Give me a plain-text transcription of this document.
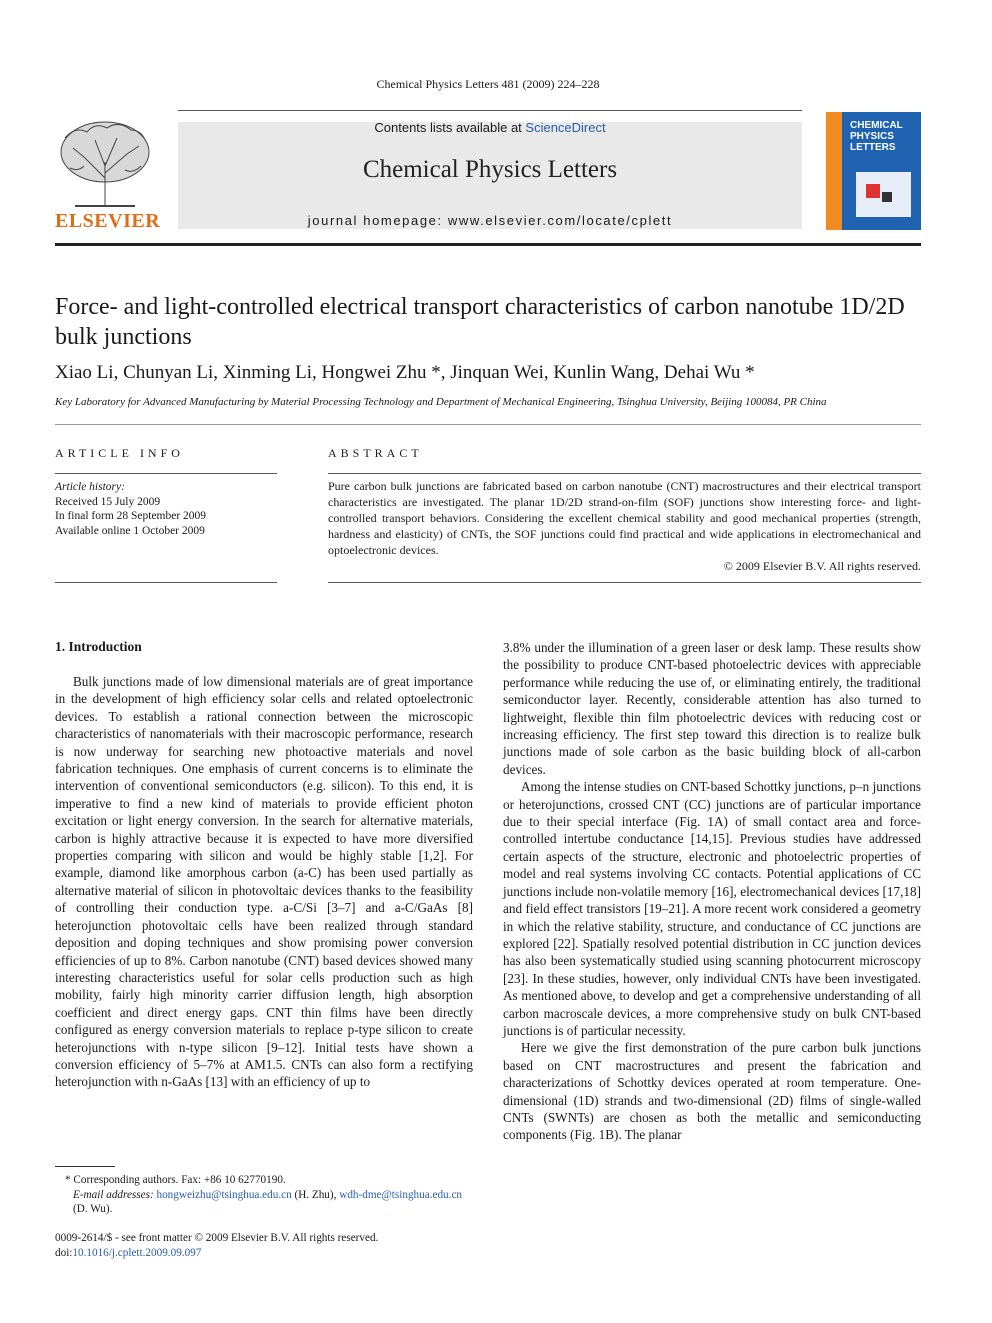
Chemical Physics Letters 481 (2009) 224–228
Contents lists available at ScienceDirect
Chemical Physics Letters
journal homepage: www.elsevier.com/locate/cplett
ELSEVIER
CHEMICAL
PHYSICS
LETTERS
Force- and light-controlled electrical transport characteristics of carbon nanotube 1D/2D bulk junctions
Xiao Li, Chunyan Li, Xinming Li, Hongwei Zhu *, Jinquan Wei, Kunlin Wang, Dehai Wu *
Key Laboratory for Advanced Manufacturing by Material Processing Technology and Department of Mechanical Engineering, Tsinghua University, Beijing 100084, PR China
ARTICLE INFO
Article history:
Received 15 July 2009
In final form 28 September 2009
Available online 1 October 2009
ABSTRACT
Pure carbon bulk junctions are fabricated based on carbon nanotube (CNT) macrostructures and their electrical transport characteristics are investigated. The planar 1D/2D strand-on-film (SOF) junctions show interesting force- and light-controlled transport behaviors. Considering the excellent chemical stability and good mechanical properties (strength, hardness and elasticity) of CNTs, the SOF junctions could find practical and wide applications in electromechanical and optoelectronic devices.
© 2009 Elsevier B.V. All rights reserved.
1. Introduction

Bulk junctions made of low dimensional materials are of great importance in the development of high efficiency solar cells and related optoelectronic devices. To establish a rational connection between the microscopic characteristics of nanomaterials with their macroscopic performance, research is now underway for searching new photoactive materials and novel fabrication techniques. One emphasis of current concerns is to eliminate the intervention of conventional semiconductors (e.g. silicon). To this end, it is imperative to find a new kind of materials to provide efficient photon excitation or light energy conversion. In the search for alternative materials, carbon is highly attractive because it is expected to have more diversified properties comparing with silicon and would be highly stable [1,2]. For example, diamond like amorphous carbon (a-C) has been used partially as alternative material of silicon in photovoltaic devices thanks to the feasibility of controlling their conduction type. a-C/Si [3–7] and a-C/GaAs [8] heterojunction photovoltaic cells have been realized through standard deposition and doping techniques and show promising power conversion efficiencies of up to 8%. Carbon nanotube (CNT) based devices showed many interesting characteristics useful for solar cells production such as high mobility, fairly high minority carrier diffusion length, high absorption coefficient and direct energy gaps. CNT thin films have been directly configured as energy conversion materials to replace p-type silicon to create heterojunctions with n-type silicon [9–12]. Initial tests have shown a conversion efficiency of 5–7% at AM1.5. CNTs can also form a rectifying heterojunction with n-GaAs [13] with an efficiency of up to

3.8% under the illumination of a green laser or desk lamp. These results show the possibility to produce CNT-based photoelectric devices with appreciable performance while reducing the use of, or eliminating entirely, the traditional semiconductor layer. Recently, considerable attention has also turned to lightweight, flexible thin film photoelectric devices with reducing cost or increasing efficiency. The first step toward this direction is to realize bulk junctions made of sole carbon as the basic building block of all-carbon devices.

Among the intense studies on CNT-based Schottky junctions, p–n junctions or heterojunctions, crossed CNT (CC) junctions are of particular importance due to their special interface (Fig. 1A) of small contact area and force-controlled intertube conductance [14,15]. Previous studies have addressed certain aspects of the structure, electronic and photoelectric properties of model and real systems involving CC contacts. Potential applications of CC junctions include non-volatile memory [16], electromechanical devices [17,18] and field effect transistors [19–21]. A more recent work considered a geometry in which the relative stability, structure, and conductance of CC junctions are explored [22]. Spatially resolved potential distribution in CC junction devices has also been systematically studied using scanning photocurrent microscopy [23]. In these studies, however, only individual CNTs have been investigated. As mentioned above, to develop and get a comprehensive understanding of all carbon macroscale devices, a more comprehensive study on bulk CNT-based junctions is of particular necessity.

Here we give the first demonstration of the pure carbon bulk junctions based on CNT macrostructures and present the fabrication and characterizations of Schottky devices operated at room temperature. One-dimensional (1D) strands and two-dimensional (2D) films of single-walled CNTs (SWNTs) are chosen as both the metallic and semiconducting components (Fig. 1B). The planar

* Corresponding authors. Fax: +86 10 62770190.
E-mail addresses: hongweizhu@tsinghua.edu.cn (H. Zhu), wdh-dme@tsinghua.edu.cn (D. Wu).
0009-2614/$ - see front matter © 2009 Elsevier B.V. All rights reserved.
doi:10.1016/j.cplett.2009.09.097
